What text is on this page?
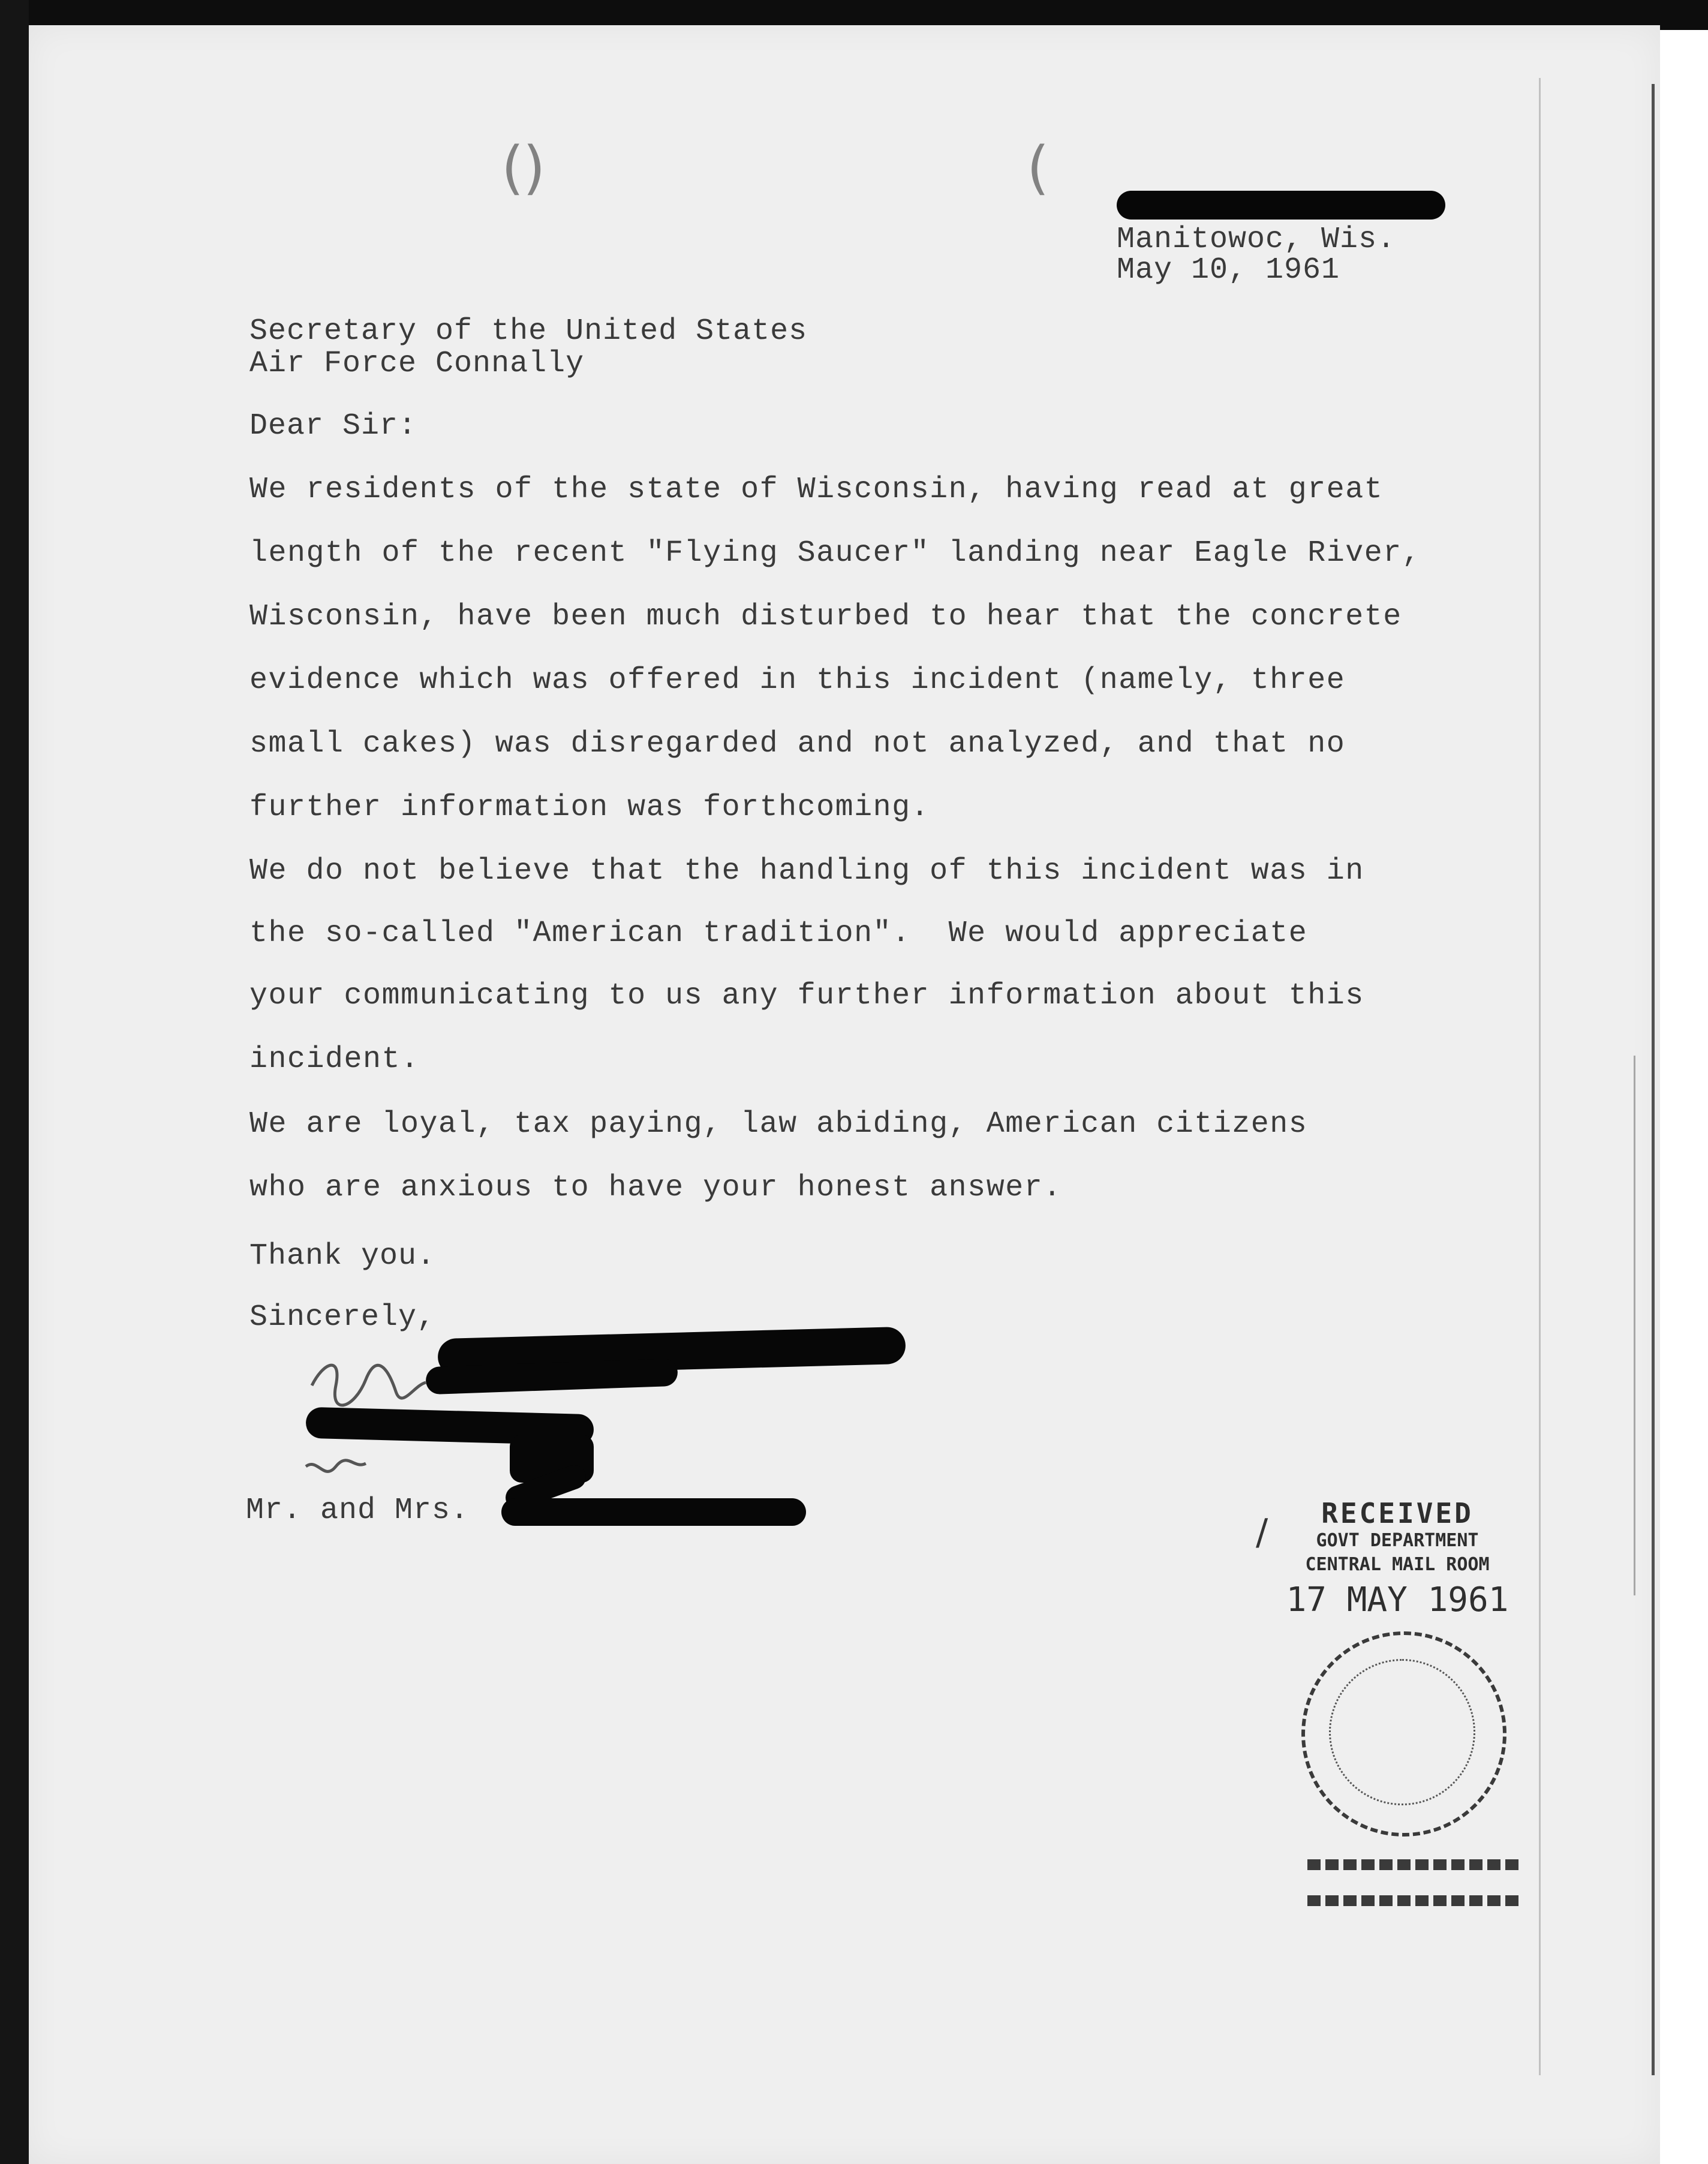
(
)	(
Manitowoc, Wis.
May 10, 1961
Secretary of the United States
Air Force Connally
Dear Sir:
We residents of the state of Wisconsin, having read at great
length of the recent "Flying Saucer" landing near Eagle River,
Wisconsin, have been much disturbed to hear that the concrete
evidence which was offered in this incident (namely, three
small cakes) was disregarded and not analyzed, and that no
further information was forthcoming.
We do not believe that the handling of this incident was in
the so-called "American tradition".  We would appreciate
your communicating to us any further information about this
incident.
We are loyal, tax paying, law abiding, American citizens
who are anxious to have your honest answer.
Thank you.
Sincerely,
Mr. and Mrs.	RECEIVED
GOVT DEPARTMENT
CENTRAL MAIL ROOM
17 MAY 1961
/
